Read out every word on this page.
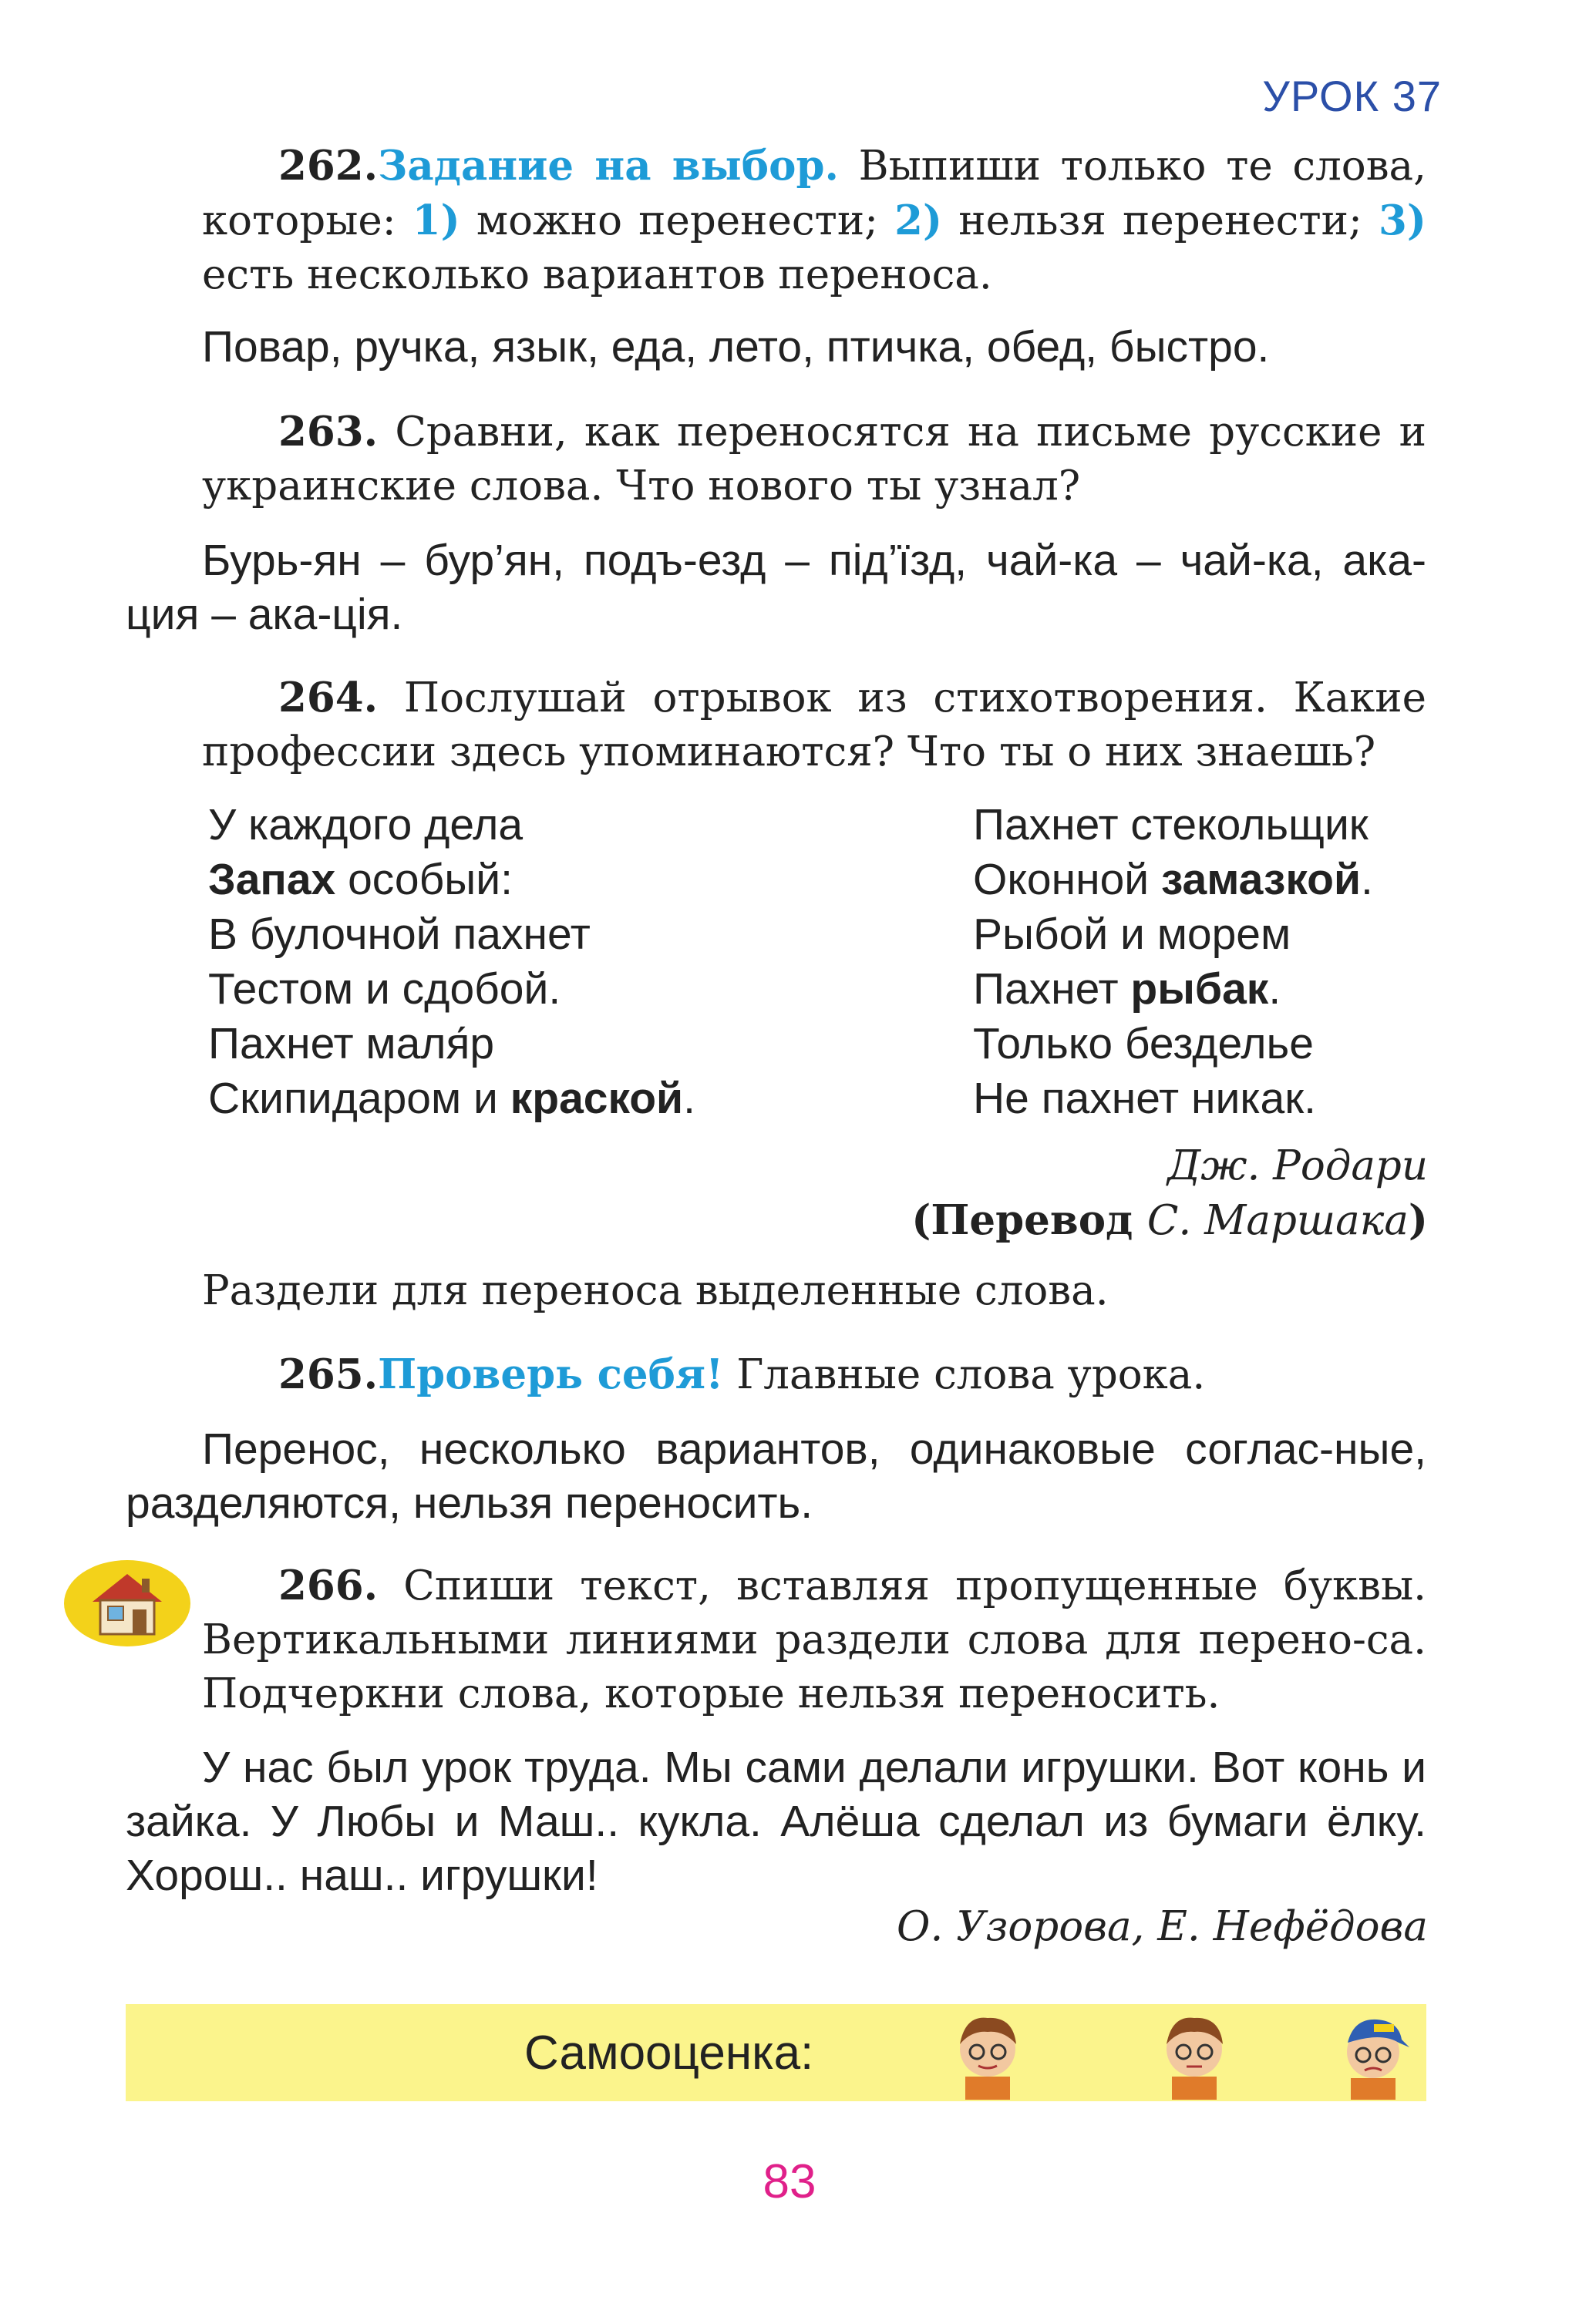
УРОК 37
262.Задание на выбор. Выпиши только те слова, которые: 1) можно перенести; 2) нельзя перенести; 3) есть несколько вариантов переноса.
Повар, ручка, язык, еда, лето, птичка, обед, быстро.
263. Сравни, как переносятся на письме русские и украинские слова. Что нового ты узнал?
Бурь-ян – бур’ян, подъ-езд – під’їзд, чай-ка – чай-ка, ака-ция – ака-ція.
264. Послушай отрывок из стихотворения. Какие профессии здесь упоминаются? Что ты о них знаешь?
У каждого дела
Запах особый:
В булочной пахнет
Тестом и сдобой.
Пахнет маля́р
Скипидаром и краской.
Пахнет стекольщик
Оконной замазкой.
Рыбой и морем
Пахнет рыбак.
Только безделье
Не пахнет никак.
Дж. Родари
(Перевод С. Маршака)
Раздели для переноса выделенные слова.
265.Проверь себя! Главные слова урока.
Перенос, несколько вариантов, одинаковые соглас-ные, разделяются, нельзя переносить.
266. Спиши текст, вставляя пропущенные буквы. Вертикальными линиями раздели слова для перено-са. Подчеркни слова, которые нельзя переносить.
У нас был урок труда. Мы сами делали игрушки. Вот конь и зайка. У Любы и Маш.. кукла. Алёша сделал из бумаги ёлку. Хорош.. наш.. игрушки!
О. Узорова, Е. Нефёдова
Самооценка:
83
